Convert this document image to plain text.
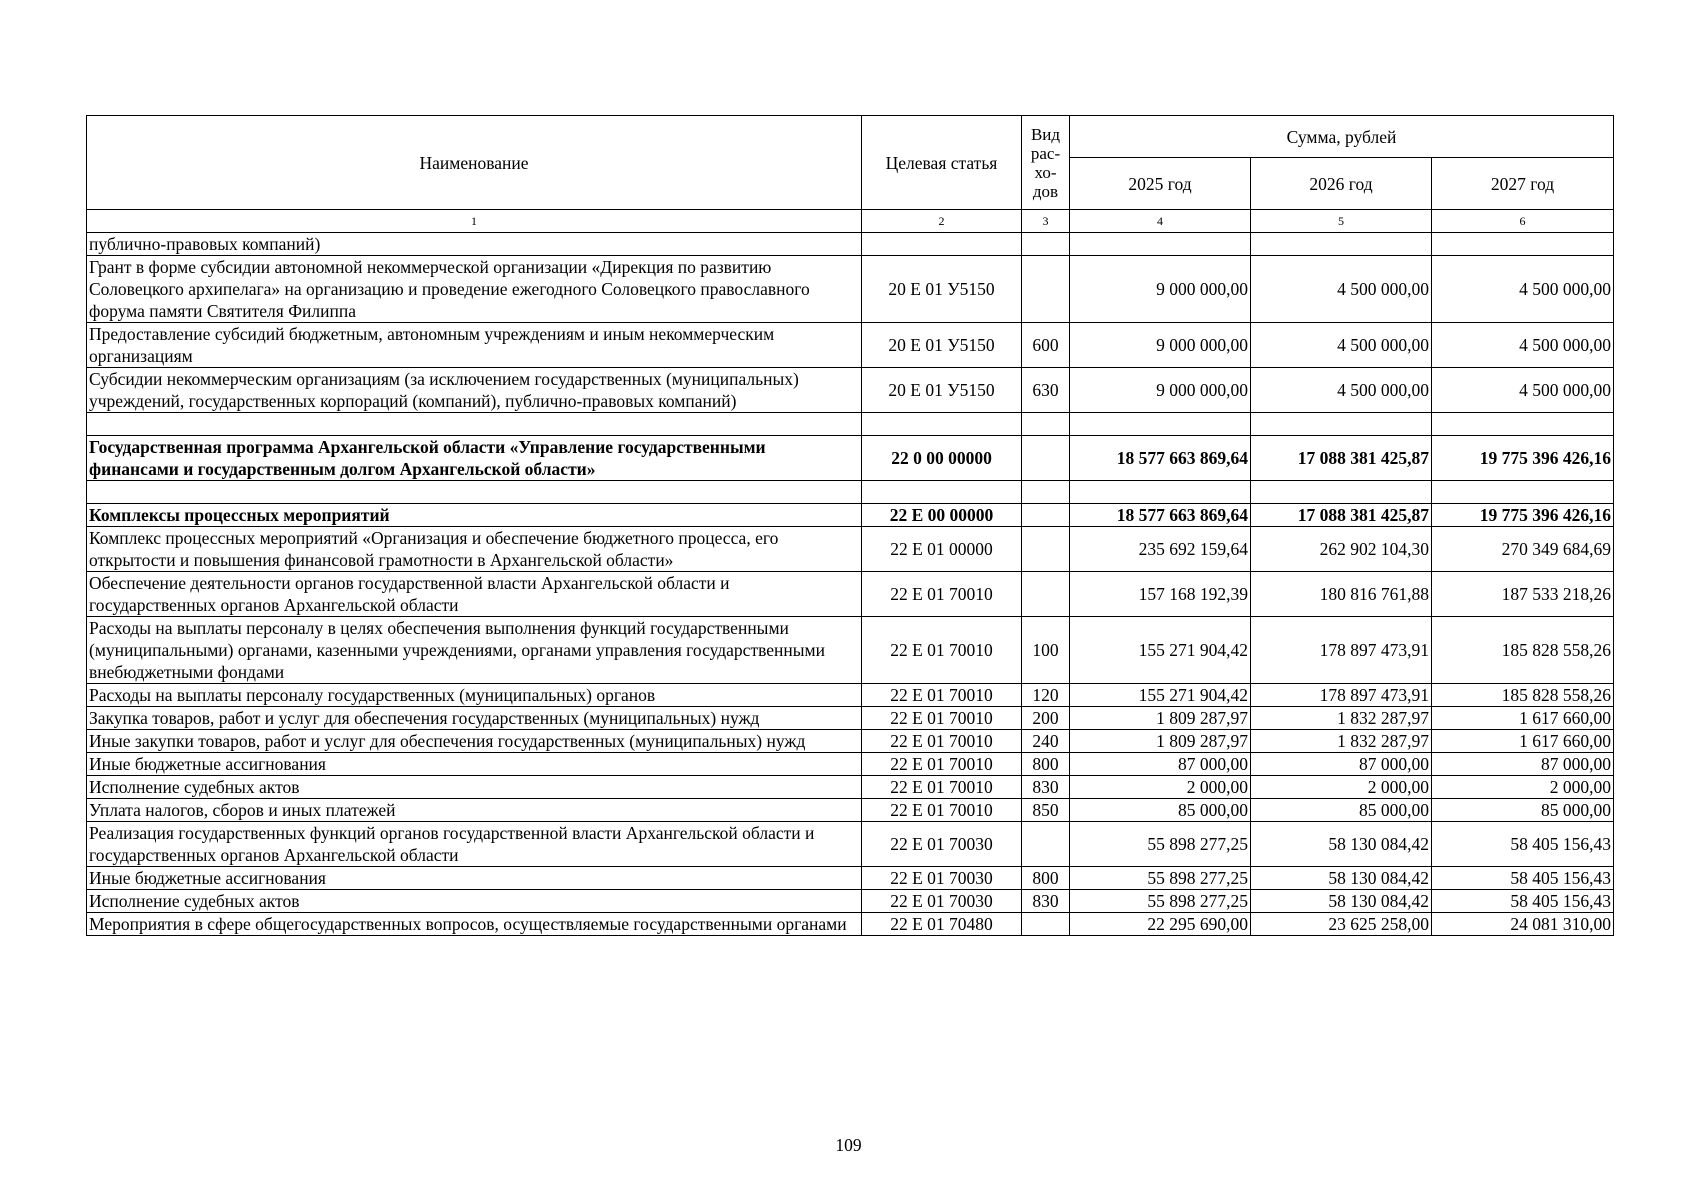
Наименование	Целевая статья	Вид рас-хо-дов	Сумма, рублей		
			2025 год	2026 год	2027 год
1	2	3	4	5	6
публично-правовых компаний)					
Грант в форме субсидии автономной некоммерческой организации «Дирекция по развитию Соловецкого архипелага» на организацию и проведение ежегодного Соловецкого православного форума памяти Святителя Филиппа	20 Е 01 У5150		9 000 000,00	4 500 000,00	4 500 000,00
Предоставление субсидий бюджетным, автономным учреждениям и иным некоммерческим организациям	20 Е 01 У5150	600	9 000 000,00	4 500 000,00	4 500 000,00
Субсидии некоммерческим организациям (за исключением государственных (муниципальных) учреждений, государственных корпораций (компаний), публично-правовых компаний)	20 Е 01 У5150	630	9 000 000,00	4 500 000,00	4 500 000,00

Государственная программа Архангельской области «Управление государственными финансами и государственным долгом Архангельской области»	22 0 00 00000		18 577 663 869,64	17 088 381 425,87	19 775 396 426,16

Комплексы процессных мероприятий	22 Е 00 00000		18 577 663 869,64	17 088 381 425,87	19 775 396 426,16
Комплекс процессных мероприятий «Организация и обеспечение бюджетного процесса, его открытости и повышения финансовой грамотности в Архангельской области»	22 Е 01 00000		235 692 159,64	262 902 104,30	270 349 684,69
Обеспечение деятельности органов государственной власти Архангельской области и государственных органов Архангельской области	22 Е 01 70010		157 168 192,39	180 816 761,88	187 533 218,26
Расходы на выплаты персоналу в целях обеспечения выполнения функций государственными (муниципальными) органами, казенными учреждениями, органами управления государственными внебюджетными фондами	22 Е 01 70010	100	155 271 904,42	178 897 473,91	185 828 558,26
Расходы на выплаты персоналу государственных (муниципальных) органов	22 Е 01 70010	120	155 271 904,42	178 897 473,91	185 828 558,26
Закупка товаров, работ и услуг для обеспечения государственных (муниципальных) нужд	22 Е 01 70010	200	1 809 287,97	1 832 287,97	1 617 660,00
Иные закупки товаров, работ и услуг для обеспечения государственных (муниципальных) нужд	22 Е 01 70010	240	1 809 287,97	1 832 287,97	1 617 660,00
Иные бюджетные ассигнования	22 Е 01 70010	800	87 000,00	87 000,00	87 000,00
Исполнение судебных актов	22 Е 01 70010	830	2 000,00	2 000,00	2 000,00
Уплата налогов, сборов и иных платежей	22 Е 01 70010	850	85 000,00	85 000,00	85 000,00
Реализация государственных функций органов государственной власти Архангельской области и государственных органов Архангельской области	22 Е 01 70030		55 898 277,25	58 130 084,42	58 405 156,43
Иные бюджетные ассигнования	22 Е 01 70030	800	55 898 277,25	58 130 084,42	58 405 156,43
Исполнение судебных актов	22 Е 01 70030	830	55 898 277,25	58 130 084,42	58 405 156,43
Мероприятия в сфере общегосударственных вопросов, осуществляемые государственными органами	22 Е 01 70480		22 295 690,00	23 625 258,00	24 081 310,00
109
